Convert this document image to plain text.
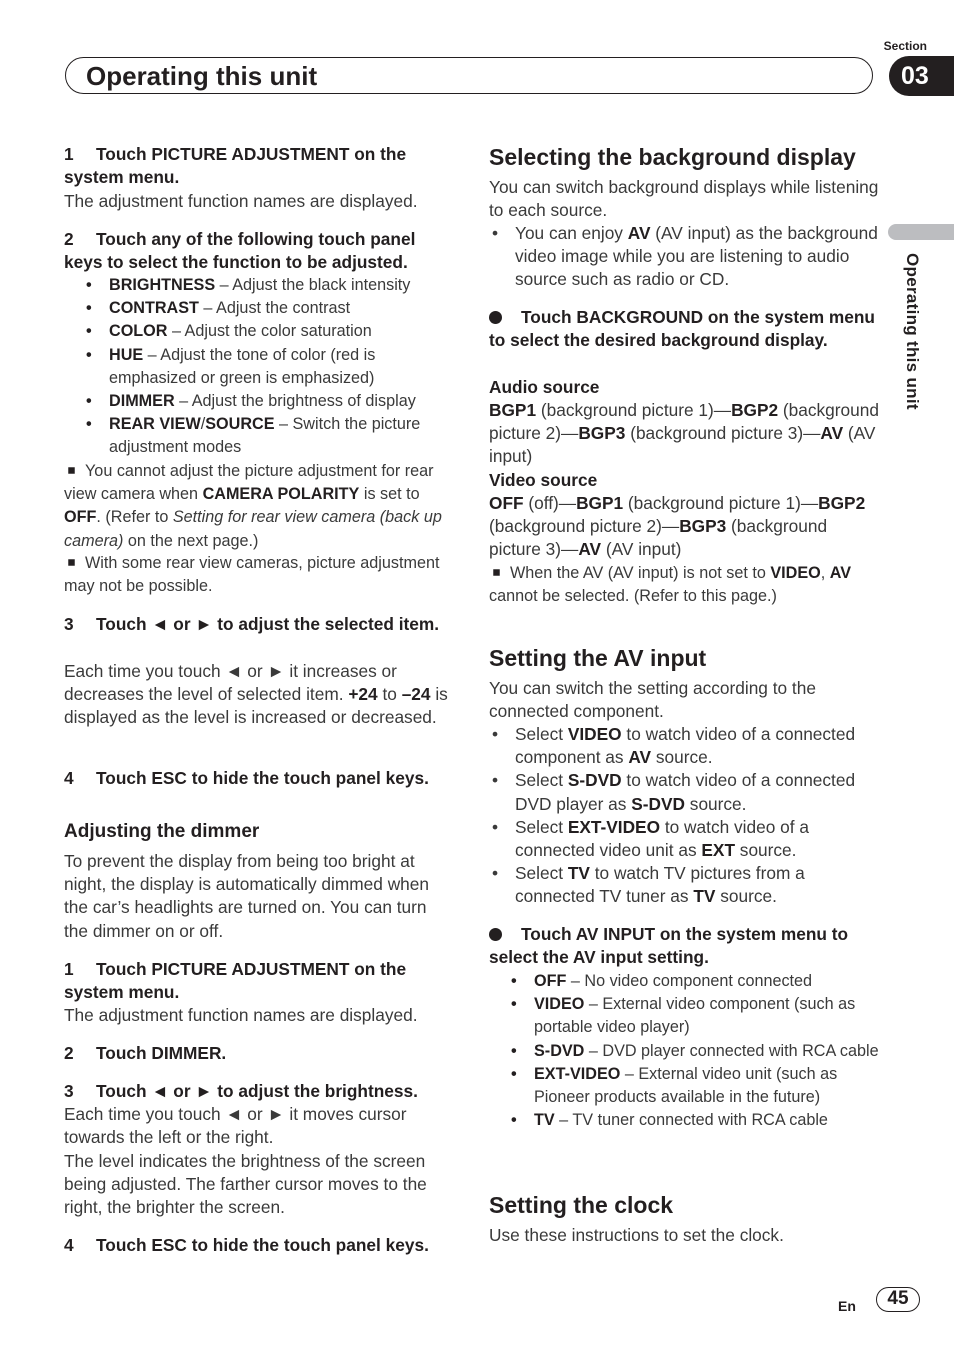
Section
Operating this unit	03
Operating this unit

1 Touch PICTURE ADJUSTMENT on the system menu.

The adjustment function names are displayed.

2 Touch any of the following touch panel keys to select the function to be adjusted.

• BRIGHTNESS – Adjust the black intensity
• CONTRAST – Adjust the contrast
• COLOR – Adjust the color saturation
• HUE – Adjust the tone of color (red is emphasized or green is emphasized)
• DIMMER – Adjust the brightness of display
• REAR VIEW/SOURCE – Switch the picture adjustment modes

You cannot adjust the picture adjustment for rear view camera when CAMERA POLARITY is set to OFF. (Refer to Setting for rear view camera (back up camera) on the next page.)

With some rear view cameras, picture adjustment may not be possible.

3 Touch ◄ or ► to adjust the selected item.

Each time you touch ◄ or ► it increases or decreases the level of selected item. +24 to –24 is displayed as the level is increased or decreased.

4 Touch ESC to hide the touch panel keys.

Adjusting the dimmer

To prevent the display from being too bright at night, the display is automatically dimmed when the car’s headlights are turned on. You can turn the dimmer on or off.

1 Touch PICTURE ADJUSTMENT on the system menu.

The adjustment function names are displayed.

2 Touch DIMMER.

3 Touch ◄ or ► to adjust the brightness.

Each time you touch ◄ or ► it moves cursor towards the left or the right.

The level indicates the brightness of the screen being adjusted. The farther cursor moves to the right, the brighter the screen.

4 Touch ESC to hide the touch panel keys.

Selecting the background display

You can switch background displays while listening to each source.

• You can enjoy AV (AV input) as the background video image while you are listening to audio source such as radio or CD.

Touch BACKGROUND on the system menu to select the desired background display.

Audio source

BGP1 (background picture 1)—BGP2 (background picture 2)—BGP3 (background picture 3)—AV (AV input)

Video source

OFF (off)—BGP1 (background picture 1)—BGP2 (background picture 2)—BGP3 (background picture 3)—AV (AV input)

When the AV (AV input) is not set to VIDEO, AV cannot be selected. (Refer to this page.)

Setting the AV input

You can switch the setting according to the connected component.

• Select VIDEO to watch video of a connected component as AV source.
• Select S-DVD to watch video of a connected DVD player as S-DVD source.
• Select EXT-VIDEO to watch video of a connected video unit as EXT source.
• Select TV to watch TV pictures from a connected TV tuner as TV source.

Touch AV INPUT on the system menu to select the AV input setting.

• OFF – No video component connected
• VIDEO – External video component (such as portable video player)
• S-DVD – DVD player connected with RCA cable
• EXT-VIDEO – External video unit (such as Pioneer products available in the future)
• TV – TV tuner connected with RCA cable

Setting the clock

Use these instructions to set the clock.

En	45
